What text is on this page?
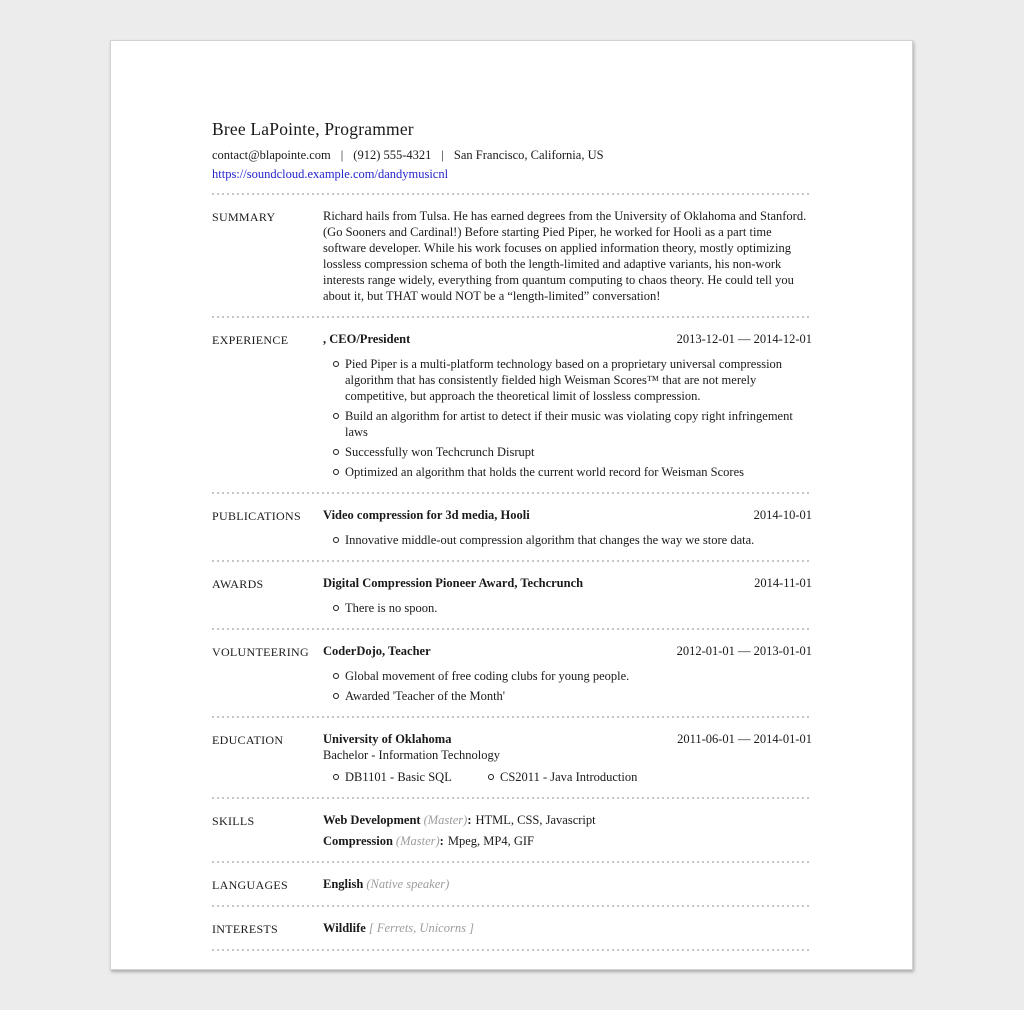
Bree LaPointe, Programmer
contact@blapointe.com | (912) 555-4321 | San Francisco, California, US
https://soundcloud.example.com/dandymusicnl
SUMMARY	Richard hails from Tulsa. He has earned degrees from the University of Oklahoma and Stanford. (Go Sooners and Cardinal!) Before starting Pied Piper, he worked for Hooli as a part time software developer. While his work focuses on applied information theory, mostly optimizing lossless compression schema of both the length-limited and adaptive variants, his non-work interests range widely, everything from quantum computing to chaos theory. He could tell you about it, but THAT would NOT be a “length-limited” conversation!
EXPERIENCE	, CEO/President	2013-12-01 — 2014-12-01
Pied Piper is a multi-platform technology based on a proprietary universal compression algorithm that has consistently fielded high Weisman Scores™ that are not merely competitive, but approach the theoretical limit of lossless compression.
Build an algorithm for artist to detect if their music was violating copy right infringement laws
Successfully won Techcrunch Disrupt
Optimized an algorithm that holds the current world record for Weisman Scores
PUBLICATIONS	Video compression for 3d media, Hooli	2014-10-01
Innovative middle-out compression algorithm that changes the way we store data.
AWARDS	Digital Compression Pioneer Award, Techcrunch	2014-11-01
There is no spoon.
VOLUNTEERING	CoderDojo, Teacher	2012-01-01 — 2013-01-01
Global movement of free coding clubs for young people.
Awarded 'Teacher of the Month'
EDUCATION	University of Oklahoma	2011-06-01 — 2014-01-01
Bachelor - Information Technology
DB1101 - Basic SQL	CS2011 - Java Introduction
SKILLS	Web Development (Master): HTML, CSS, Javascript
Compression (Master): Mpeg, MP4, GIF
LANGUAGES	English (Native speaker)
INTERESTS	Wildlife [ Ferrets, Unicorns ]
